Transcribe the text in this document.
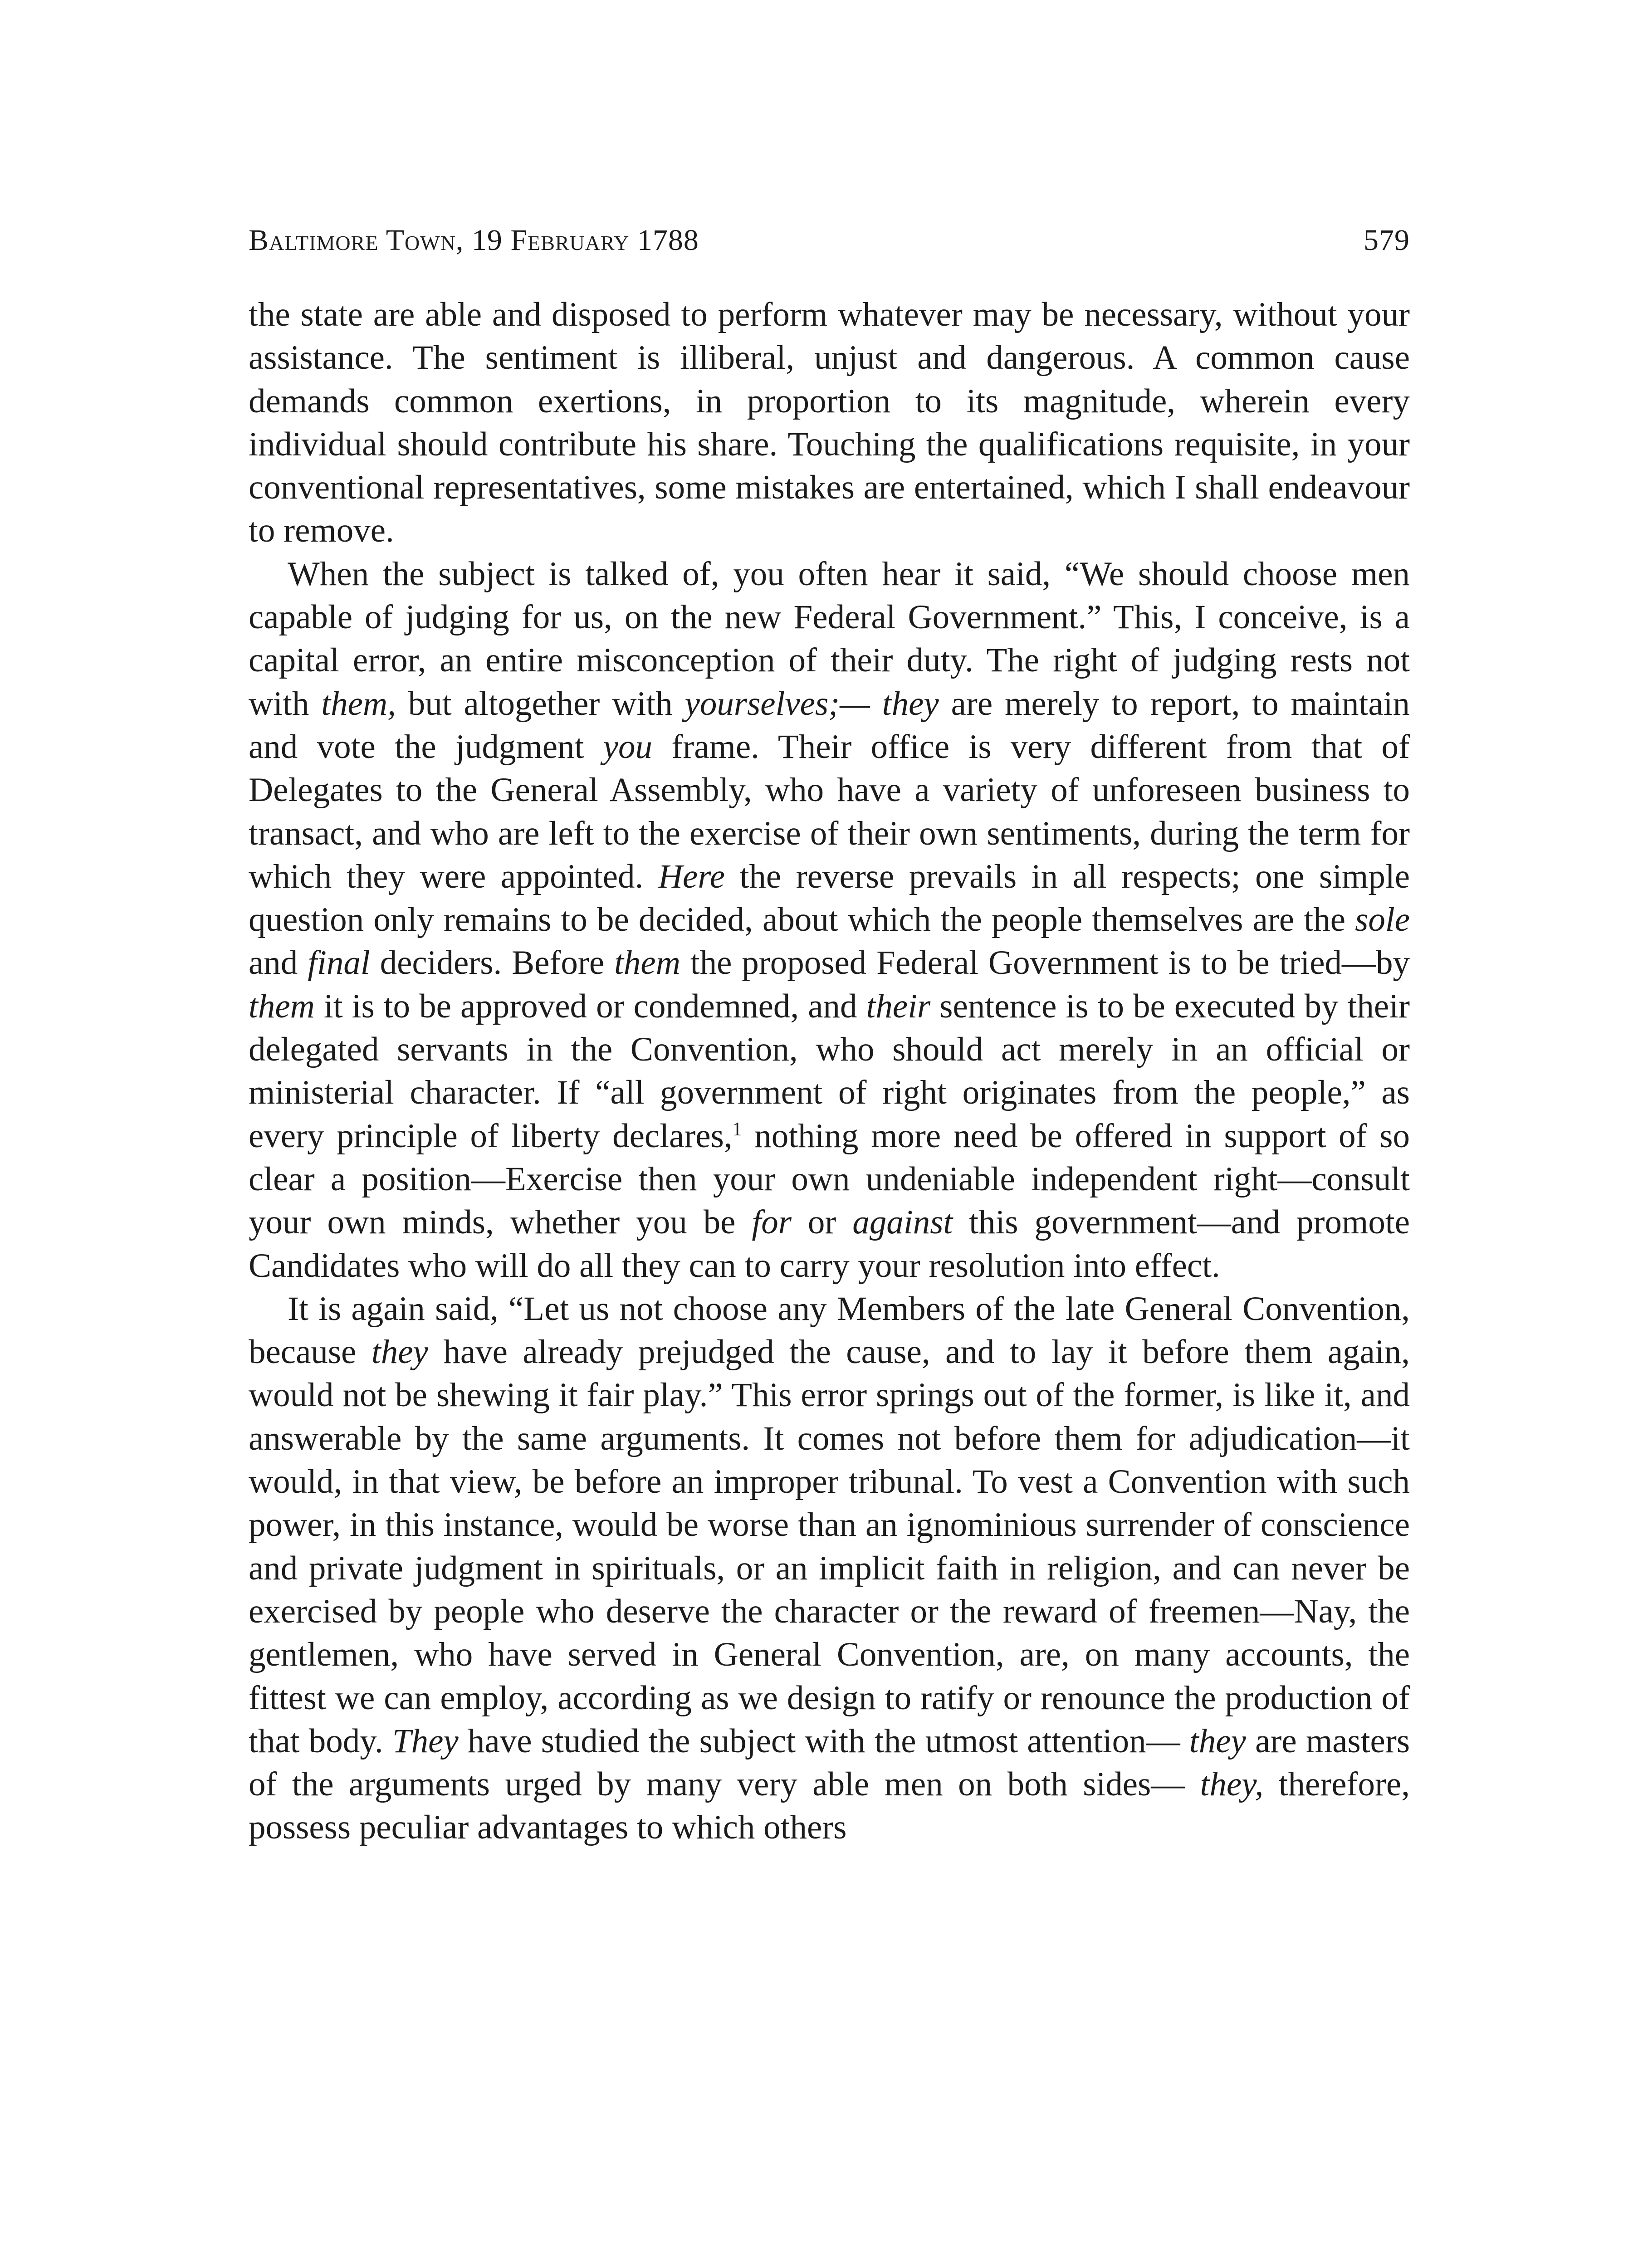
Baltimore Town, 19 February 1788	579

the state are able and disposed to perform whatever may be necessary, without your assistance. The sentiment is illiberal, unjust and dangerous. A common cause demands common exertions, in proportion to its magnitude, wherein every individual should contribute his share. Touching the qualifications requisite, in your conventional representatives, some mistakes are entertained, which I shall endeavour to remove.

When the subject is talked of, you often hear it said, “We should choose men capable of judging for us, on the new Federal Government.” This, I conceive, is a capital error, an entire misconception of their duty. The right of judging rests not with them, but altogether with yourselves;— they are merely to report, to maintain and vote the judgment you frame. Their office is very different from that of Delegates to the General Assembly, who have a variety of unforeseen business to transact, and who are left to the exercise of their own sentiments, during the term for which they were appointed. Here the reverse prevails in all respects; one simple question only remains to be decided, about which the people themselves are the sole and final deciders. Before them the proposed Federal Government is to be tried—by them it is to be approved or condemned, and their sentence is to be executed by their delegated servants in the Convention, who should act merely in an official or ministerial character. If “all government of right originates from the people,” as every principle of liberty declares,$^1$ nothing more need be offered in support of so clear a position—Exercise then your own undeniable independent right—consult your own minds, whether you be for or against this government—and promote Candidates who will do all they can to carry your resolution into effect.

It is again said, “Let us not choose any Members of the late General Convention, because they have already prejudged the cause, and to lay it before them again, would not be shewing it fair play.” This error springs out of the former, is like it, and answerable by the same arguments. It comes not before them for adjudication—it would, in that view, be before an improper tribunal. To vest a Convention with such power, in this instance, would be worse than an ignominious surrender of conscience and private judgment in spirituals, or an implicit faith in religion, and can never be exercised by people who deserve the character or the reward of freemen—Nay, the gentlemen, who have served in General Convention, are, on many accounts, the fittest we can employ, according as we design to ratify or renounce the production of that body. They have studied the subject with the utmost attention— they are masters of the arguments urged by many very able men on both sides— they, therefore, possess peculiar advantages to which others
